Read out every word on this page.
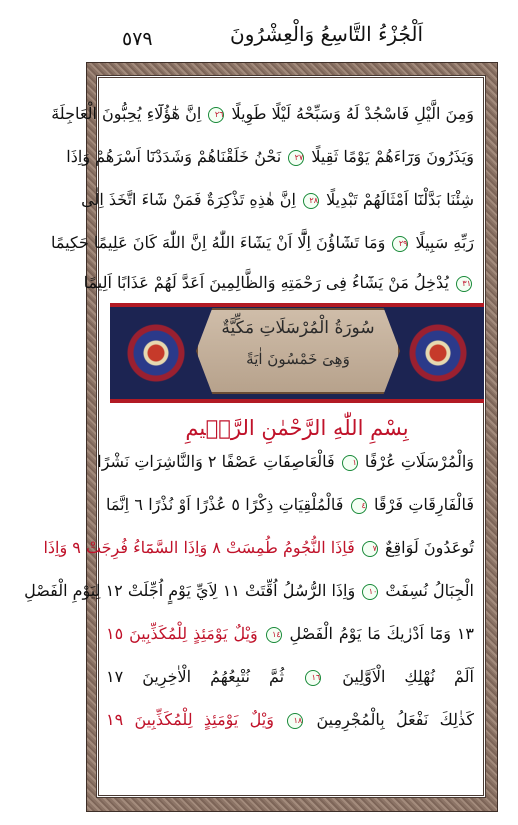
٥٧٩	اَلْجُزْءُ التَّاسِعُ وَالْعِشْرُونَ
وَمِنَ الَّيْلِ فَاسْجُدْ لَهُ وَسَبِّحْهُ لَيْلًا طَوِيلًا ٢٦ اِنَّ هٰٓؤُلَٓاءِ يُحِبُّونَ الْعَاجِلَةَ
وَيَذَرُونَ وَرَٓاءَهُمْ يَوْمًا ثَقِيلًا ٢٧ نَحْنُ خَلَقْنَاهُمْ وَشَدَدْنَٓا اَسْرَهُمْ وَاِذَا
شِئْنَا بَدَّلْنَٓا اَمْثَالَهُمْ تَبْدِيلًا ٢٨ اِنَّ هٰذِهِ تَذْكِرَةٌ فَمَنْ شَٓاءَ اتَّخَذَ اِلٰى
رَبِّهِ سَبِيلًا ٢٩ وَمَا تَشَٓاؤُنَ اِلَّٓا اَنْ يَشَٓاءَ اللّٰهُ اِنَّ اللّٰهَ كَانَ عَلِيمًا حَكِيمًا
٣١ يُدْخِلُ مَنْ يَشَٓاءُ فِى رَحْمَتِهِ وَالظَّالِمِينَ اَعَدَّ لَهُمْ عَذَابًا اَلِيمًا
سُورَةُ الْمُرْسَلَاتِ مَكِّيَّةٌ
وَهِىَ خَمْسُونَ اٰيَةً
بِسْمِ اللّٰهِ الرَّحْمٰنِ الرَّح۪يمِ
وَالْمُرْسَلَاتِ عُرْفًا ١ فَالْعَاصِفَاتِ عَصْفًا ٢ وَالنَّاشِرَاتِ نَشْرًا
فَالْفَارِقَاتِ فَرْقًا ٤ فَالْمُلْقِيَاتِ ذِكْرًا ٥ عُذْرًا اَوْ نُذْرًا ٦ اِنَّمَا
تُوعَدُونَ لَوَاقِعٌ ٧ فَاِذَا النُّجُومُ طُمِسَتْ ٨ وَاِذَا السَّمَٓاءُ فُرِجَتْ ٩ وَاِذَا
الْجِبَالُ نُسِفَتْ ١٠ وَاِذَا الرُّسُلُ اُقِّتَتْ ١١ لِاَيِّ يَوْمٍ اُجِّلَتْ ١٢ لِيَوْمِ الْفَصْلِ
١٣ وَمَٓا اَدْرٰيكَ مَا يَوْمُ الْفَصْلِ ١٤ وَيْلٌ يَوْمَئِذٍ لِلْمُكَذِّبِينَ ١٥
اَلَمْ نُهْلِكِ الْاَوَّلِينَ ١٦ ثُمَّ نُتْبِعُهُمُ الْاٰخِرِينَ ١٧
كَذٰلِكَ نَفْعَلُ بِالْمُجْرِمِينَ ١٨ وَيْلٌ يَوْمَئِذٍ لِلْمُكَذِّبِينَ ١٩
